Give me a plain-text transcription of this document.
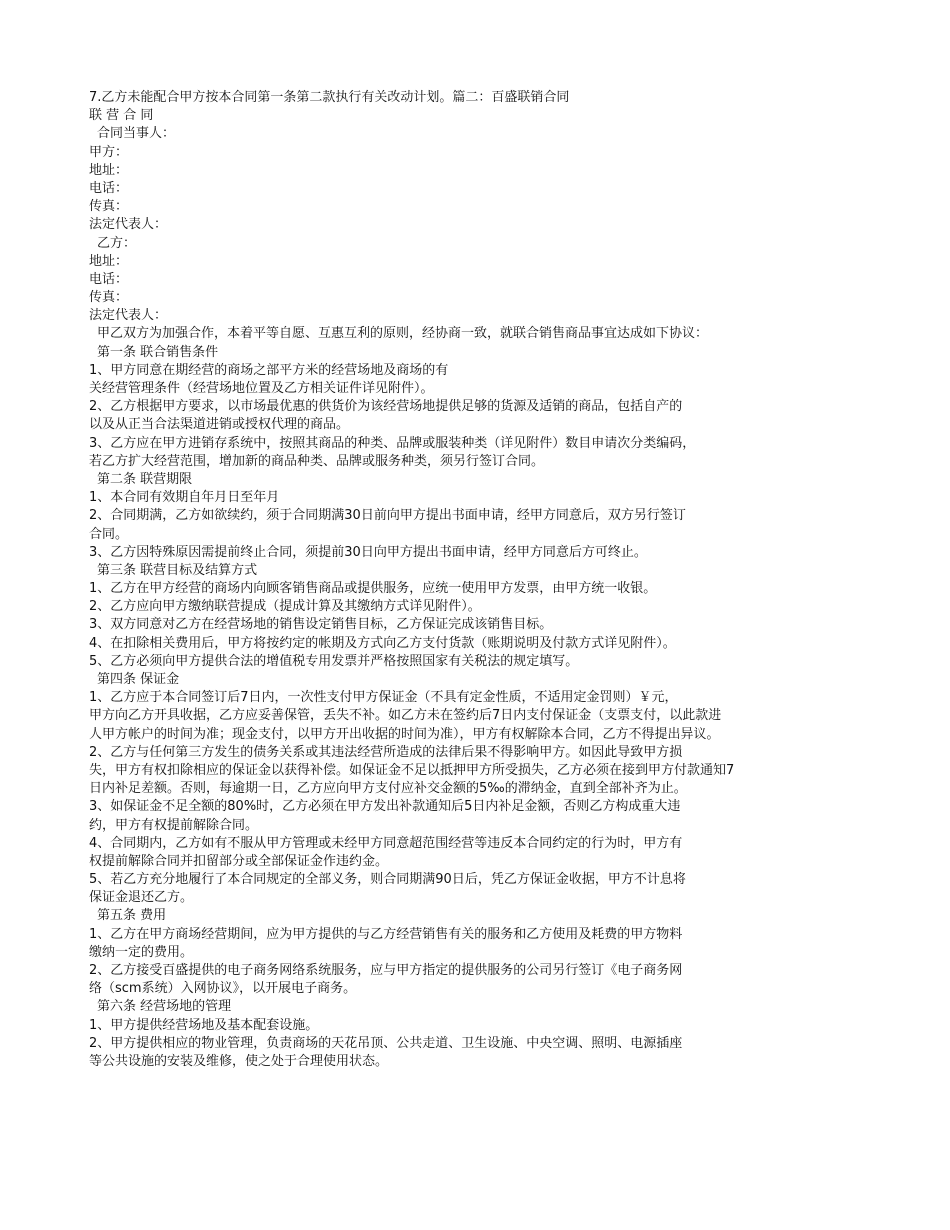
7.乙方未能配合甲方按本合同第一条第二款执行有关改动计划。篇二：百盛联销合同
联 营 合 同
合同当事人：
甲方：
地址：
电话：
传真：
法定代表人：
乙方：
地址：
电话：
传真：
法定代表人：
甲乙双方为加强合作，本着平等自愿、互惠互利的原则，经协商一致，就联合销售商品事宜达成如下协议：
第一条 联合销售条件
1、甲方同意在期经营的商场之部平方米的经营场地及商场的有
关经营管理条件（经营场地位置及乙方相关证件详见附件）。
2、乙方根据甲方要求，以市场最优惠的供货价为该经营场地提供足够的货源及适销的商品，包括自产的
以及从正当合法渠道进销或授权代理的商品。
3、乙方应在甲方进销存系统中，按照其商品的种类、品牌或服装种类（详见附件）数目申请次分类编码，
若乙方扩大经营范围，增加新的商品种类、品牌或服务种类，须另行签订合同。
第二条 联营期限
1、本合同有效期自年月日至年月
2、合同期满，乙方如欲续约，须于合同期满30日前向甲方提出书面申请，经甲方同意后，双方另行签订
合同。
3、乙方因特殊原因需提前终止合同，须提前30日向甲方提出书面申请，经甲方同意后方可终止。
第三条 联营目标及结算方式
1、乙方在甲方经营的商场内向顾客销售商品或提供服务，应统一使用甲方发票，由甲方统一收银。
2、乙方应向甲方缴纳联营提成（提成计算及其缴纳方式详见附件）。
3、双方同意对乙方在经营场地的销售设定销售目标，乙方保证完成该销售目标。
4、在扣除相关费用后，甲方将按约定的帐期及方式向乙方支付货款（账期说明及付款方式详见附件）。
5、乙方必须向甲方提供合法的增值税专用发票并严格按照国家有关税法的规定填写。
第四条 保证金
1、乙方应于本合同签订后7日内，一次性支付甲方保证金（不具有定金性质，不适用定金罚则）￥元，
甲方向乙方开具收据，乙方应妥善保管，丢失不补。如乙方未在签约后7日内支付保证金（支票支付，以此款进
人甲方帐户的时间为准；现金支付，以甲方开出收据的时间为准），甲方有权解除本合同，乙方不得提出异议。
2、乙方与任何第三方发生的债务关系或其违法经营所造成的法律后果不得影响甲方。如因此导致甲方损
失，甲方有权扣除相应的保证金以获得补偿。如保证金不足以抵押甲方所受损失，乙方必须在接到甲方付款通知7
日内补足差额。否则，每逾期一日，乙方应向甲方支付应补交金额的5‰的滞纳金，直到全部补齐为止。
3、如保证金不足全额的80%时，乙方必须在甲方发出补款通知后5日内补足金额，否则乙方构成重大违
约，甲方有权提前解除合同。
4、合同期内，乙方如有不服从甲方管理或未经甲方同意超范围经营等违反本合同约定的行为时，甲方有
权提前解除合同并扣留部分或全部保证金作违约金。
5、若乙方充分地履行了本合同规定的全部义务，则合同期满90日后，凭乙方保证金收据，甲方不计息将
保证金退还乙方。
第五条 费用
1、乙方在甲方商场经营期间，应为甲方提供的与乙方经营销售有关的服务和乙方使用及耗费的甲方物料
缴纳一定的费用。
2、乙方接受百盛提供的电子商务网络系统服务，应与甲方指定的提供服务的公司另行签订《电子商务网
络（scm系统）入网协议》，以开展电子商务。
第六条 经营场地的管理
1、甲方提供经营场地及基本配套设施。
2、甲方提供相应的物业管理，负责商场的天花吊顶、公共走道、卫生设施、中央空调、照明、电源插座
等公共设施的安装及维修，使之处于合理使用状态。
